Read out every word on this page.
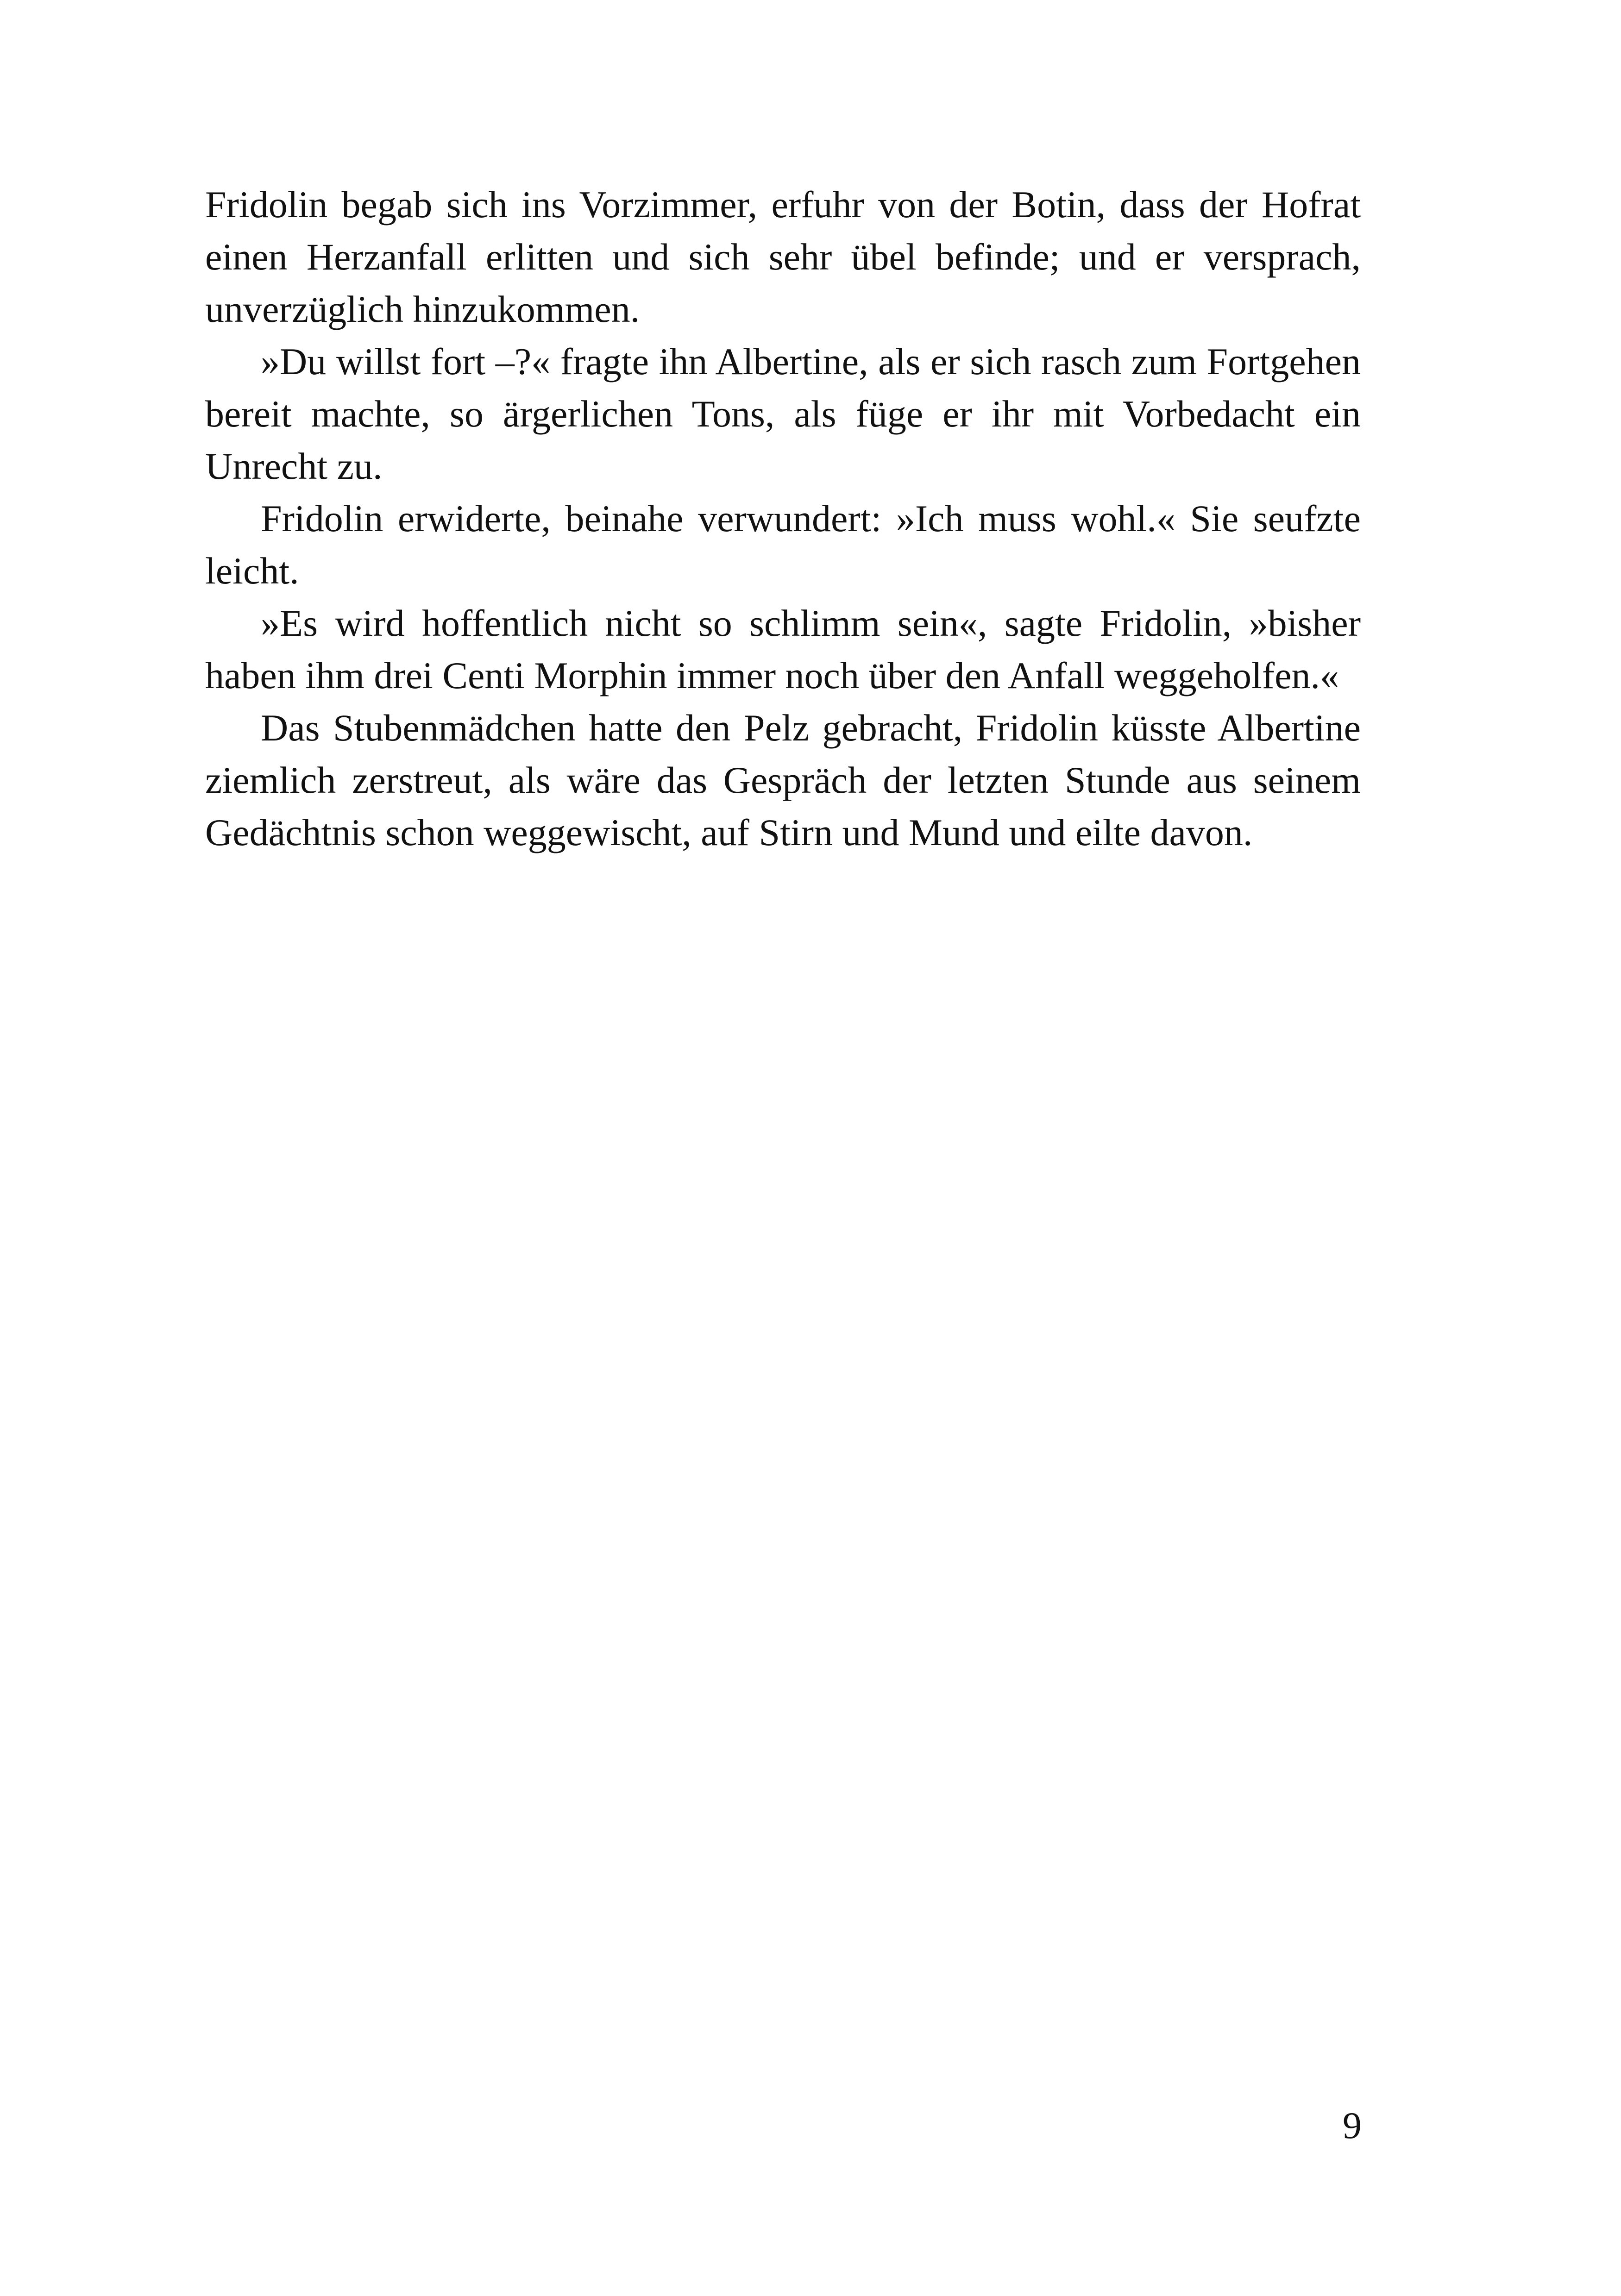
Fridolin begab sich ins Vorzimmer, erfuhr von der Botin, dass der Hofrat einen Herzanfall erlitten und sich sehr übel befinde; und er versprach, unverzüglich hinzukommen.

»Du willst fort –?« fragte ihn Albertine, als er sich rasch zum Fortgehen bereit machte, so ärgerlichen Tons, als füge er ihr mit Vorbedacht ein Unrecht zu.

Fridolin erwiderte, beinahe verwundert: »Ich muss wohl.« Sie seufzte leicht.

»Es wird hoffentlich nicht so schlimm sein«, sagte Fridolin, »bisher haben ihm drei Centi Morphin immer noch über den Anfall weggeholfen.«

Das Stubenmädchen hatte den Pelz gebracht, Fridolin küsste Albertine ziemlich zerstreut, als wäre das Gespräch der letzten Stunde aus seinem Gedächtnis schon weggewischt, auf Stirn und Mund und eilte davon.

9
